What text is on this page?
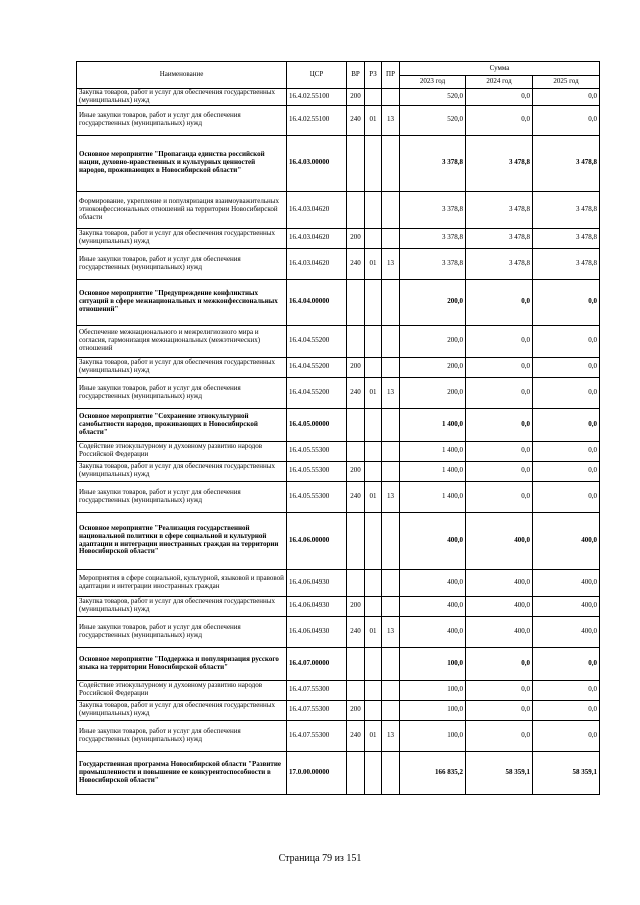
Наименование	ЦСР	ВР	РЗ	ПР	Сумма		
					2023 год	2024 год	2025 год
Закупка товаров, работ и услуг для обеспечения государственных (муниципальных) нужд	16.4.02.55100	200			520,0	0,0	0,0
Иные закупки товаров, работ и услуг для обеспечения государственных (муниципальных) нужд	16.4.02.55100	240	01	13	520,0	0,0	0,0
Основное мероприятие "Пропаганда единства российской нации, духовно-нравственных и культурных ценностей народов, проживающих в Новосибирской области"	16.4.03.00000				3 378,8	3 478,8	3 478,8
Формирование, укрепление и популяризация взаимоуважительных этноконфессиональных отношений на территории Новосибирской области	16.4.03.04620				3 378,8	3 478,8	3 478,8
Закупка товаров, работ и услуг для обеспечения государственных (муниципальных) нужд	16.4.03.04620	200			3 378,8	3 478,8	3 478,8
Иные закупки товаров, работ и услуг для обеспечения государственных (муниципальных) нужд	16.4.03.04620	240	01	13	3 378,8	3 478,8	3 478,8
Основное мероприятие "Предупреждение конфликтных ситуаций в сфере межнациональных и межконфессиональных отношений"	16.4.04.00000				200,0	0,0	0,0
Обеспечение межнационального и межрелигиозного мира и согласия, гармонизация межнациональных (межэтнических) отношений	16.4.04.55200				200,0	0,0	0,0
Закупка товаров, работ и услуг для обеспечения государственных (муниципальных) нужд	16.4.04.55200	200			200,0	0,0	0,0
Иные закупки товаров, работ и услуг для обеспечения государственных (муниципальных) нужд	16.4.04.55200	240	01	13	200,0	0,0	0,0
Основное мероприятие "Сохранение этнокультурной самобытности народов, проживающих в Новосибирской области"	16.4.05.00000				1 400,0	0,0	0,0
Содействие этнокультурному и духовному развитию народов Российской Федерации	16.4.05.55300				1 400,0	0,0	0,0
Закупка товаров, работ и услуг для обеспечения государственных (муниципальных) нужд	16.4.05.55300	200			1 400,0	0,0	0,0
Иные закупки товаров, работ и услуг для обеспечения государственных (муниципальных) нужд	16.4.05.55300	240	01	13	1 400,0	0,0	0,0
Основное мероприятие "Реализация государственной национальной политики в сфере социальной и культурной адаптации и интеграции иностранных граждан на территории Новосибирской области"	16.4.06.00000				400,0	400,0	400,0
Мероприятия в сфере социальной, культурной, языковой и правовой адаптации и интеграции иностранных граждан	16.4.06.04930				400,0	400,0	400,0
Закупка товаров, работ и услуг для обеспечения государственных (муниципальных) нужд	16.4.06.04930	200			400,0	400,0	400,0
Иные закупки товаров, работ и услуг для обеспечения государственных (муниципальных) нужд	16.4.06.04930	240	01	13	400,0	400,0	400,0
Основное мероприятие "Поддержка и популяризация русского языка на территории Новосибирской области"	16.4.07.00000				100,0	0,0	0,0
Содействие этнокультурному и духовному развитию народов Российской Федерации	16.4.07.55300				100,0	0,0	0,0
Закупка товаров, работ и услуг для обеспечения государственных (муниципальных) нужд	16.4.07.55300	200			100,0	0,0	0,0
Иные закупки товаров, работ и услуг для обеспечения государственных (муниципальных) нужд	16.4.07.55300	240	01	13	100,0	0,0	0,0
Государственная программа Новосибирской области "Развитие промышленности и повышение ее конкурентоспособности в Новосибирской области"	17.0.00.00000				166 835,2	58 359,1	58 359,1
Страница 79 из 151
